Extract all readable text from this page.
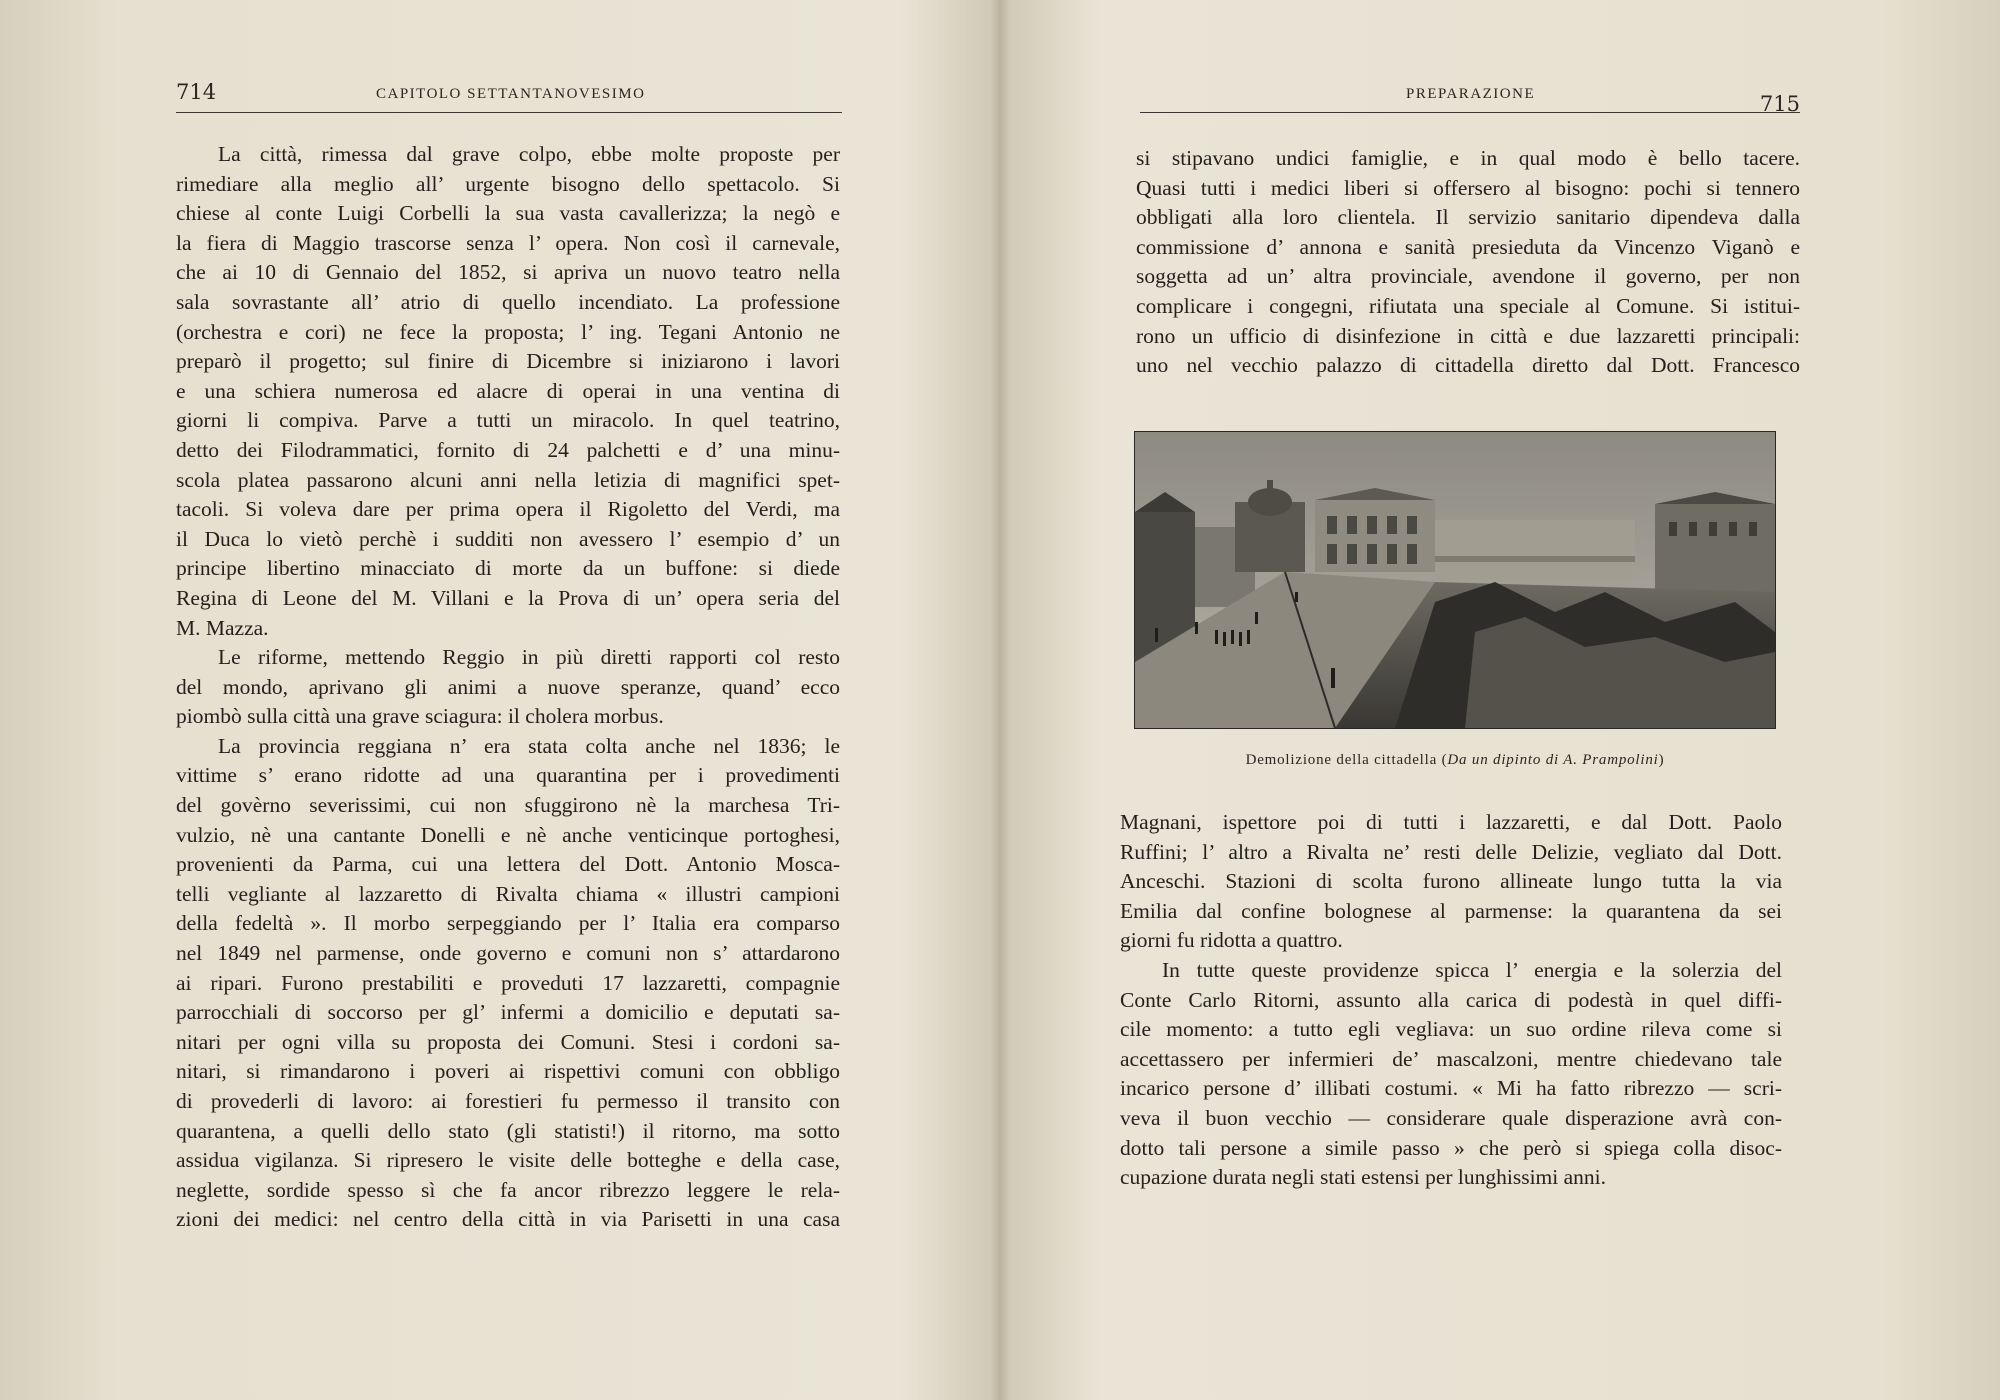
714	CAPITOLO SETTANTANOVESIMO
La città, rimessa dal grave colpo, ebbe molte proposte per
rimediare alla meglio all’ urgente bisogno dello spettacolo. Si
chiese al conte Luigi Corbelli la sua vasta cavallerizza; la negò e
la fiera di Maggio trascorse senza l’ opera. Non così il carnevale,
che ai 10 di Gennaio del 1852, si apriva un nuovo teatro nella
sala sovrastante all’ atrio di quello incendiato. La professione
(orchestra e cori) ne fece la proposta; l’ ing. Tegani Antonio ne
preparò il progetto; sul finire di Dicembre si iniziarono i lavori
e una schiera numerosa ed alacre di operai in una ventina di
giorni li compiva. Parve a tutti un miracolo. In quel teatrino,
detto dei Filodrammatici, fornito di 24 palchetti e d’ una minu-
scola platea passarono alcuni anni nella letizia di magnifici spet-
tacoli. Si voleva dare per prima opera il Rigoletto del Verdi, ma
il Duca lo vietò perchè i sudditi non avessero l’ esempio d’ un
principe libertino minacciato di morte da un buffone: si diede
Regina di Leone del M. Villani e la Prova di un’ opera seria del
M. Mazza.
Le riforme, mettendo Reggio in più diretti rapporti col resto
del mondo, aprivano gli animi a nuove speranze, quand’ ecco
piombò sulla città una grave sciagura: il cholera morbus.
La provincia reggiana n’ era stata colta anche nel 1836; le
vittime s’ erano ridotte ad una quarantina per i provedimenti
del govèrno severissimi, cui non sfuggirono nè la marchesa Tri-
vulzio, nè una cantante Donelli e nè anche venticinque portoghesi,
provenienti da Parma, cui una lettera del Dott. Antonio Mosca-
telli vegliante al lazzaretto di Rivalta chiama « illustri campioni
della fedeltà ». Il morbo serpeggiando per l’ Italia era comparso
nel 1849 nel parmense, onde governo e comuni non s’ attardarono
ai ripari. Furono prestabiliti e proveduti 17 lazzaretti, compagnie
parrocchiali di soccorso per gl’ infermi a domicilio e deputati sa-
nitari per ogni villa su proposta dei Comuni. Stesi i cordoni sa-
nitari, si rimandarono i poveri ai rispettivi comuni con obbligo
di provederli di lavoro: ai forestieri fu permesso il transito con
quarantena, a quelli dello stato (gli statisti!) il ritorno, ma sotto
assidua vigilanza. Si ripresero le visite delle botteghe e della case,
neglette, sordide spesso sì che fa ancor ribrezzo leggere le rela-
zioni dei medici: nel centro della città in via Parisetti in una casa
PREPARAZIONE	715
si stipavano undici famiglie, e in qual modo è bello tacere.
Quasi tutti i medici liberi si offersero al bisogno: pochi si tennero
obbligati alla loro clientela. Il servizio sanitario dipendeva dalla
commissione d’ annona e sanità presieduta da Vincenzo Viganò e
soggetta ad un’ altra provinciale, avendone il governo, per non
complicare i congegni, rifiutata una speciale al Comune. Si istitui-
rono un ufficio di disinfezione in città e due lazzaretti principali:
uno nel vecchio palazzo di cittadella diretto dal Dott. Francesco
Demolizione della cittadella (Da un dipinto di A. Prampolini)
Magnani, ispettore poi di tutti i lazzaretti, e dal Dott. Paolo
Ruffini; l’ altro a Rivalta ne’ resti delle Delizie, vegliato dal Dott.
Anceschi. Stazioni di scolta furono allineate lungo tutta la via
Emilia dal confine bolognese al parmense: la quarantena da sei
giorni fu ridotta a quattro.
In tutte queste providenze spicca l’ energia e la solerzia del
Conte Carlo Ritorni, assunto alla carica di podestà in quel diffi-
cile momento: a tutto egli vegliava: un suo ordine rileva come si
accettassero per infermieri de’ mascalzoni, mentre chiedevano tale
incarico persone d’ illibati costumi. « Mi ha fatto ribrezzo — scri-
veva il buon vecchio — considerare quale disperazione avrà con-
dotto tali persone a simile passo » che però si spiega colla disoc-
cupazione durata negli stati estensi per lunghissimi anni.
